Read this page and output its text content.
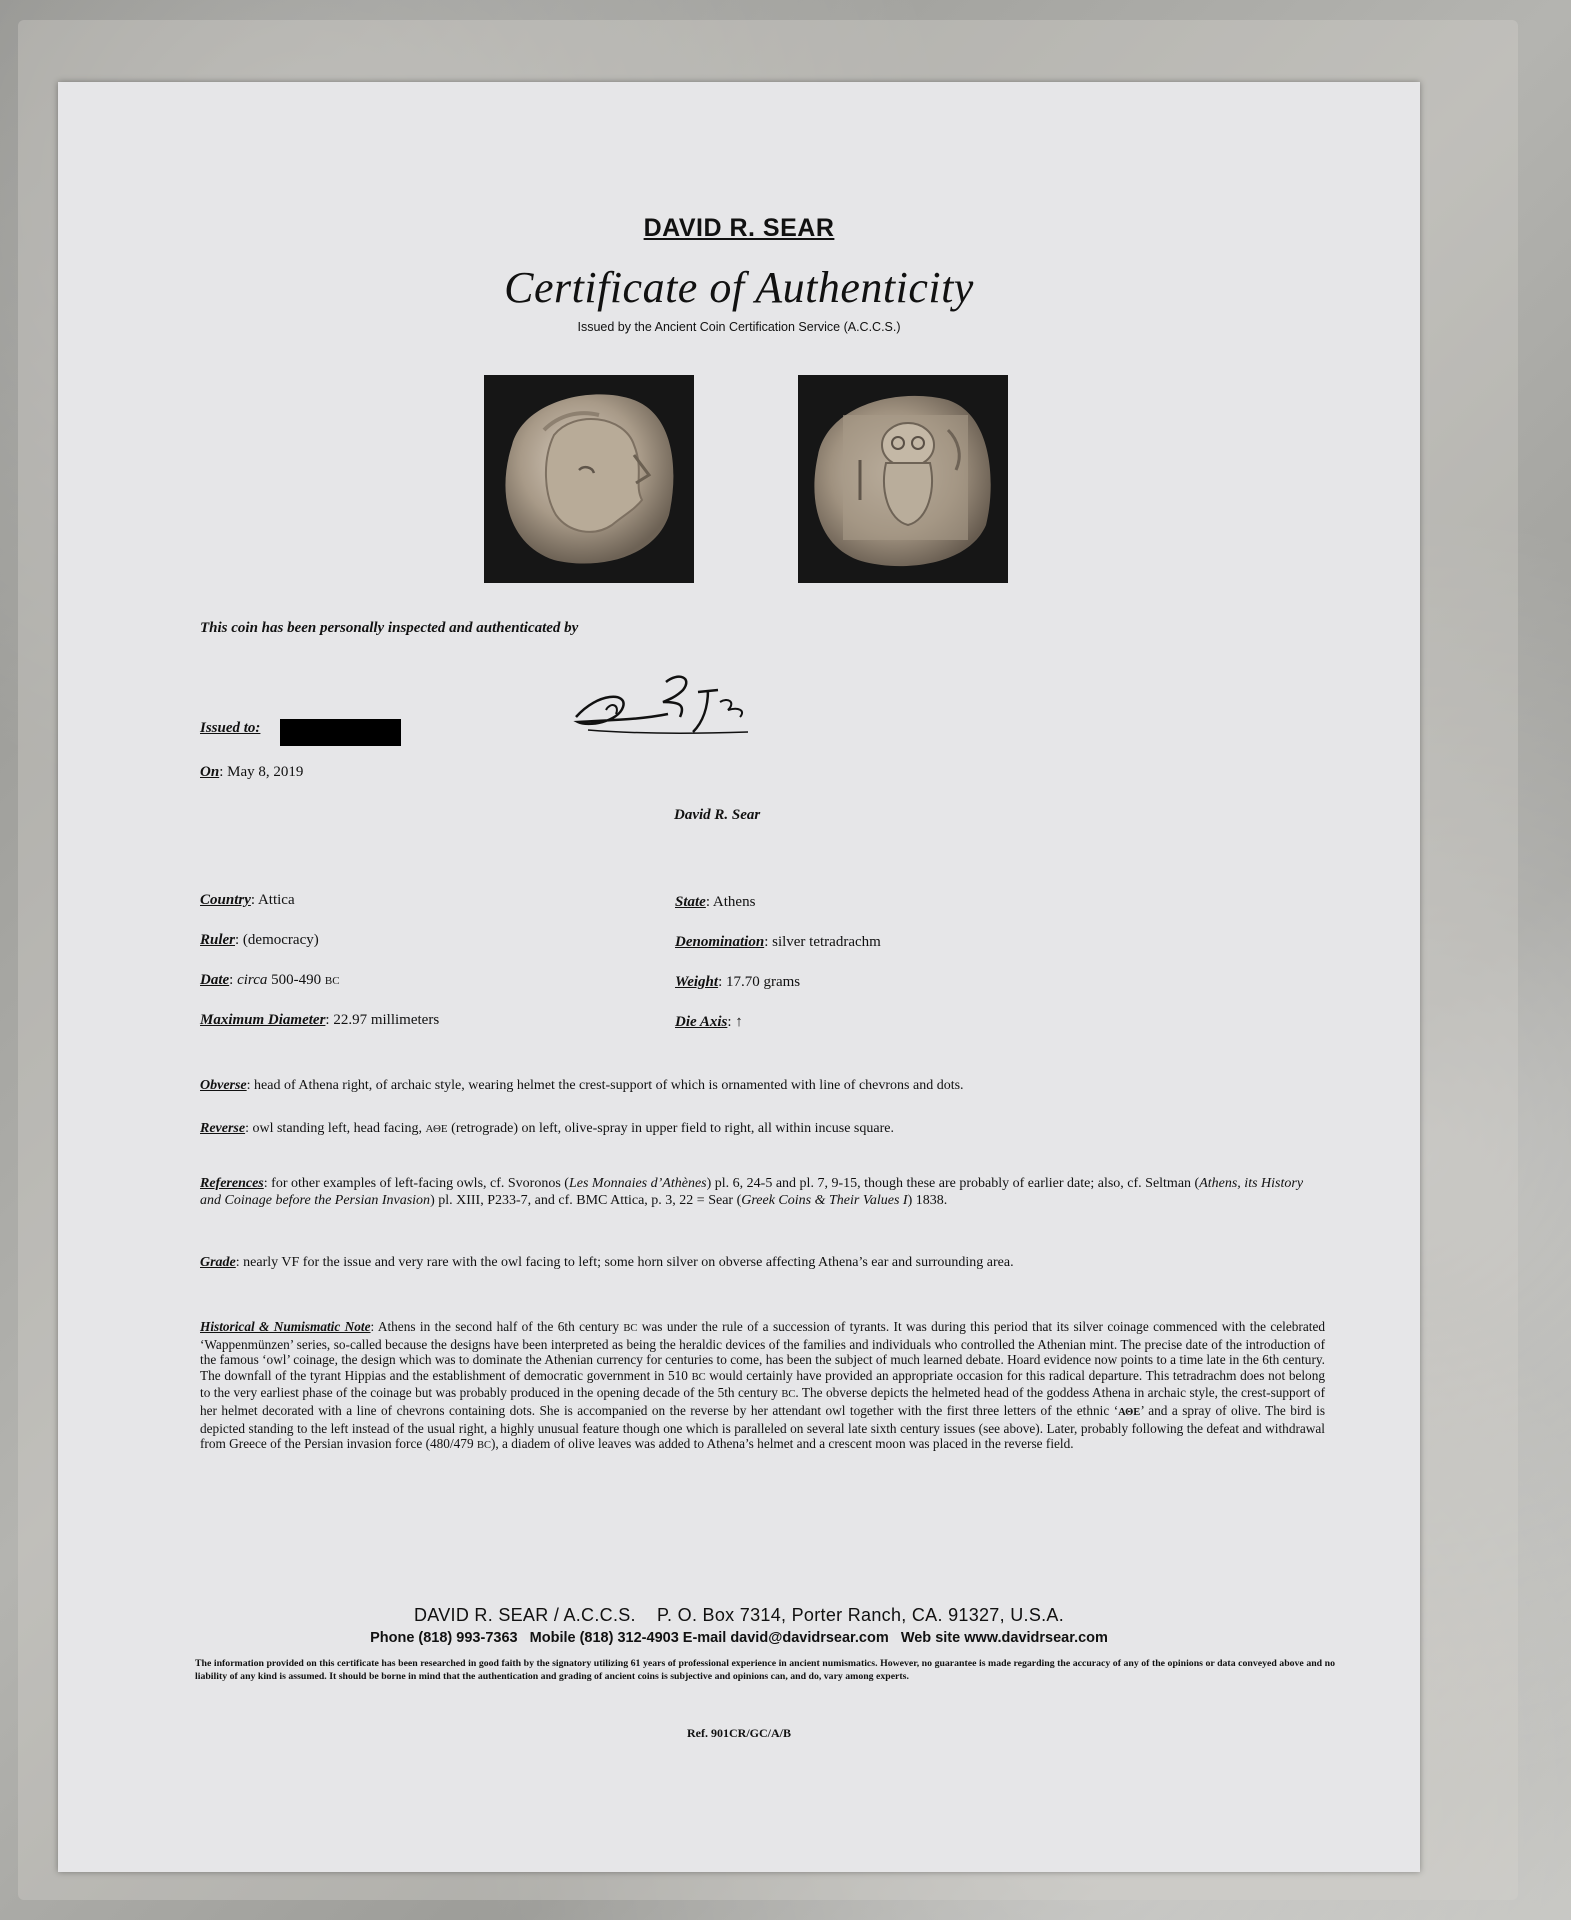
DAVID R. SEAR
Certificate of Authenticity
Issued by the Ancient Coin Certification Service (A.C.C.S.)
This coin has been personally inspected and authenticated by
Issued to:
On: May 8, 2019
David R. Sear
Country: Attica
Ruler: (democracy)
Date: circa 500-490 BC
Maximum Diameter: 22.97 millimeters
State: Athens
Denomination: silver tetradrachm
Weight: 17.70 grams
Die Axis: ↑
Obverse: head of Athena right, of archaic style, wearing helmet the crest-support of which is ornamented with line of chevrons and dots.
Reverse: owl standing left, head facing, ΑΘΕ (retrograde) on left, olive-spray in upper field to right, all within incuse square.
References: for other examples of left-facing owls, cf. Svoronos (Les Monnaies d’Athènes) pl. 6, 24-5 and pl. 7, 9-15, though these are probably of earlier date; also, cf. Seltman (Athens, its History and Coinage before the Persian Invasion) pl. XIII, P233-7, and cf. BMC Attica, p. 3, 22 = Sear (Greek Coins & Their Values I) 1838.
Grade: nearly VF for the issue and very rare with the owl facing to left; some horn silver on obverse affecting Athena’s ear and surrounding area.
Historical & Numismatic Note: Athens in the second half of the 6th century BC was under the rule of a succession of tyrants. It was during this period that its silver coinage commenced with the celebrated ‘Wappenmünzen’ series, so-called because the designs have been interpreted as being the heraldic devices of the families and individuals who controlled the Athenian mint. The precise date of the introduction of the famous ‘owl’ coinage, the design which was to dominate the Athenian currency for centuries to come, has been the subject of much learned debate. Hoard evidence now points to a time late in the 6th century. The downfall of the tyrant Hippias and the establishment of democratic government in 510 BC would certainly have provided an appropriate occasion for this radical departure. This tetradrachm does not belong to the very earliest phase of the coinage but was probably produced in the opening decade of the 5th century BC. The obverse depicts the helmeted head of the goddess Athena in archaic style, the crest-support of her helmet decorated with a line of chevrons containing dots. She is accompanied on the reverse by her attendant owl together with the first three letters of the ethnic ‘ΑΘΕ’ and a spray of olive. The bird is depicted standing to the left instead of the usual right, a highly unusual feature though one which is paralleled on several late sixth century issues (see above). Later, probably following the defeat and withdrawal from Greece of the Persian invasion force (480/479 BC), a diadem of olive leaves was added to Athena’s helmet and a crescent moon was placed in the reverse field.
DAVID R. SEAR / A.C.C.S.    P. O. Box 7314, Porter Ranch, CA. 91327, U.S.A.
Phone (818) 993-7363   Mobile (818) 312-4903 E-mail david@davidrsear.com   Web site www.davidrsear.com
The information provided on this certificate has been researched in good faith by the signatory utilizing 61 years of professional experience in ancient numismatics. However, no guarantee is made regarding the accuracy of any of the opinions or data conveyed above and no liability of any kind is assumed. It should be borne in mind that the authentication and grading of ancient coins is subjective and opinions can, and do, vary among experts.
Ref. 901CR/GC/A/B
